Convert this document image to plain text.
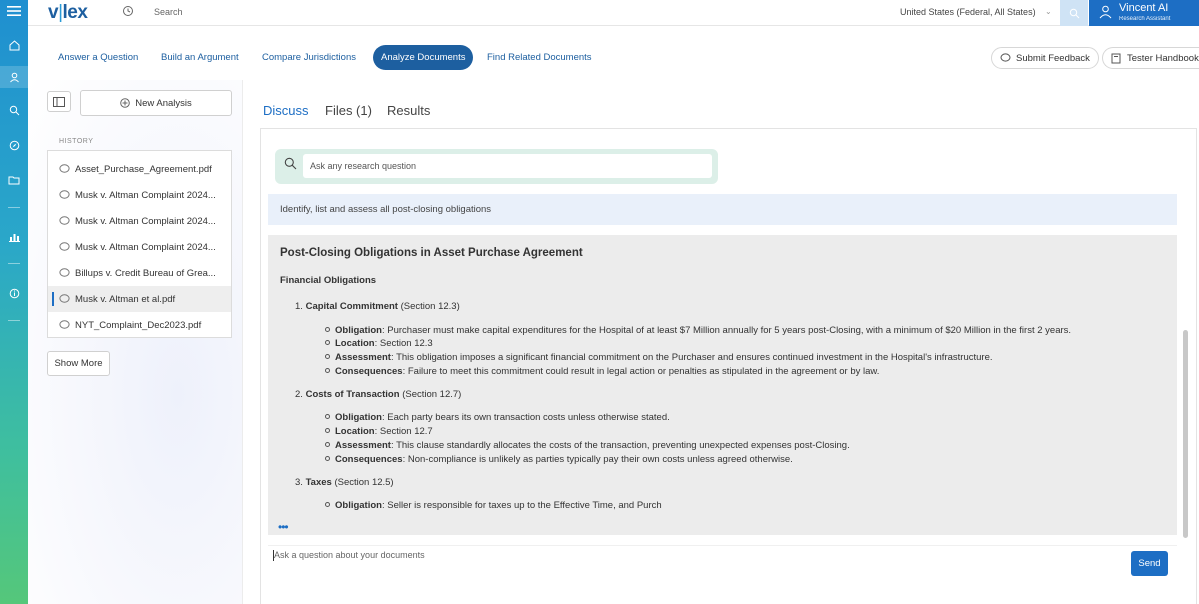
v|lex	Search	United States (Federal, All States) ⌄	Vincent AI
Research Assistant
Answer a Question	Build an Argument	Compare Jurisdictions	Analyze Documents	Find Related Documents	Submit Feedback	Tester Handbook
New Analysis
HISTORY
Asset_Purchase_Agreement.pdf
Musk v. Altman Complaint 2024...
Musk v. Altman Complaint 2024...
Musk v. Altman Complaint 2024...
Billups v. Credit Bureau of Grea...
Musk v. Altman et al.pdf
NYT_Complaint_Dec2023.pdf
Show More
Discuss Files (1) Results
Ask any research question
Identify, list and assess all post-closing obligations
Post-Closing Obligations in Asset Purchase Agreement
Financial Obligations
1. Capital Commitment (Section 12.3)
Obligation: Purchaser must make capital expenditures for the Hospital of at least $7 Million annually for 5 years post-Closing, with a minimum of $20 Million in the first 2 years.
Location: Section 12.3
Assessment: This obligation imposes a significant financial commitment on the Purchaser and ensures continued investment in the Hospital's infrastructure.
Consequences: Failure to meet this commitment could result in legal action or penalties as stipulated in the agreement or by law.
2. Costs of Transaction (Section 12.7)
Obligation: Each party bears its own transaction costs unless otherwise stated.
Location: Section 12.7
Assessment: This clause standardly allocates the costs of the transaction, preventing unexpected expenses post-Closing.
Consequences: Non-compliance is unlikely as parties typically pay their own costs unless agreed otherwise.
3. Taxes (Section 12.5)
Obligation: Seller is responsible for taxes up to the Effective Time, and Purch
•••
Ask a question about your documents
Send
